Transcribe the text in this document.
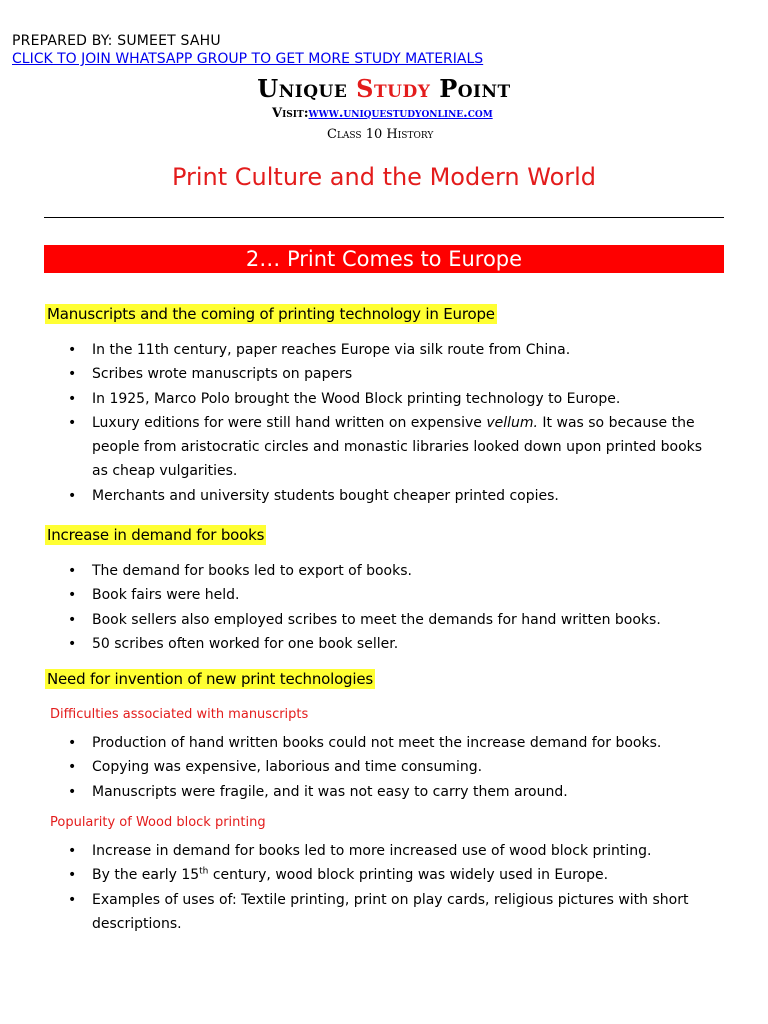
PREPARED BY: SUMEET SAHU
CLICK TO JOIN WHATSAPP GROUP TO GET MORE STUDY MATERIALS
Unique Study Point
Visit:www.uniquestudyonline.com
Class 10 History
Print Culture and the Modern World
2… Print Comes to Europe
Manuscripts and the coming of printing technology in Europe
• In the 11th century, paper reaches Europe via silk route from China.
• Scribes wrote manuscripts on papers
• In 1925, Marco Polo brought the Wood Block printing technology to Europe.
• Luxury editions for were still hand written on expensive vellum. It was so because the people from aristocratic circles and monastic libraries looked down upon printed books as cheap vulgarities.
• Merchants and university students bought cheaper printed copies.
Increase in demand for books
• The demand for books led to export of books.
• Book fairs were held.
• Book sellers also employed scribes to meet the demands for hand written books.
• 50 scribes often worked for one book seller.
Need for invention of new print technologies
Difficulties associated with manuscripts
• Production of hand written books could not meet the increase demand for books.
• Copying was expensive, laborious and time consuming.
• Manuscripts were fragile, and it was not easy to carry them around.
Popularity of Wood block printing
• Increase in demand for books led to more increased use of wood block printing.
• By the early 15th century, wood block printing was widely used in Europe.
• Examples of uses of: Textile printing, print on play cards, religious pictures with short descriptions.
